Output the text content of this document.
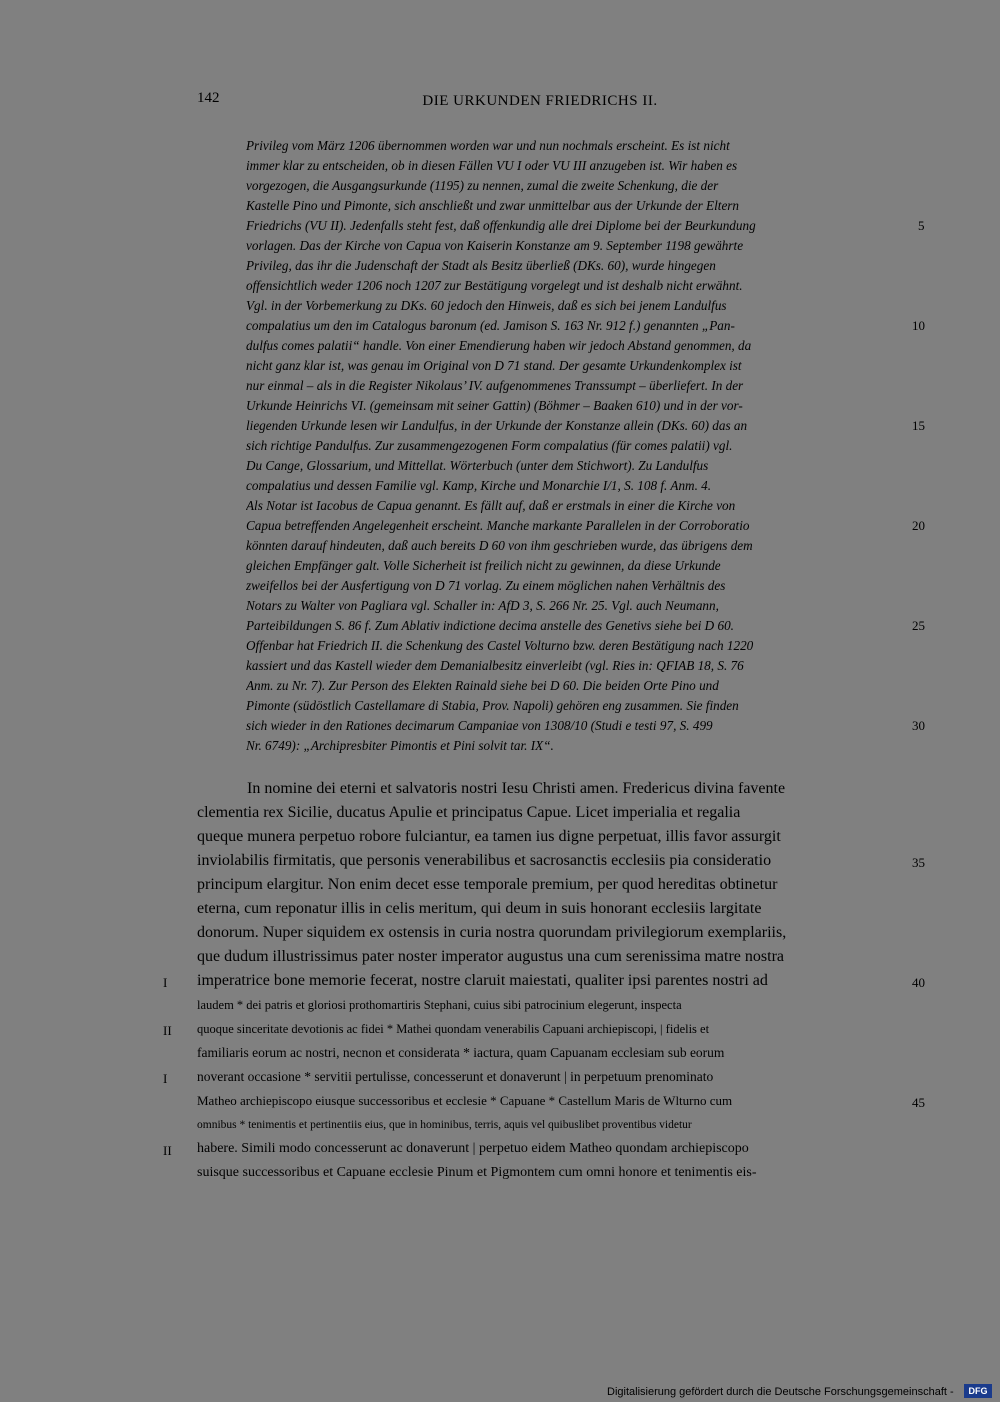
142	DIE URKUNDEN FRIEDRICHS II.
Privileg vom März 1206 übernommen worden war und nun nochmals erscheint. Es ist nicht
immer klar zu entscheiden, ob in diesen Fällen VU I oder VU III anzugeben ist. Wir haben es
vorgezogen, die Ausgangsurkunde (1195) zu nennen, zumal die zweite Schenkung, die der
Kastelle Pino und Pimonte, sich anschließt und zwar unmittelbar aus der Urkunde der Eltern
Friedrichs (VU II). Jedenfalls steht fest, daß offenkundig alle drei Diplome bei der Beurkundung
vorlagen. Das der Kirche von Capua von Kaiserin Konstanze am 9. September 1198 gewährte
Privileg, das ihr die Judenschaft der Stadt als Besitz überließ (DKs. 60), wurde hingegen
offensichtlich weder 1206 noch 1207 zur Bestätigung vorgelegt und ist deshalb nicht erwähnt.
Vgl. in der Vorbemerkung zu DKs. 60 jedoch den Hinweis, daß es sich bei jenem Landulfus
compalatius um den im Catalogus baronum (ed. Jamison S. 163 Nr. 912 f.) genannten „Pan-
dulfus comes palatii“ handle. Von einer Emendierung haben wir jedoch Abstand genommen, da
nicht ganz klar ist, was genau im Original von D 71 stand. Der gesamte Urkundenkomplex ist
nur einmal – als in die Register Nikolaus’ IV. aufgenommenes Transsumpt – überliefert. In der
Urkunde Heinrichs VI. (gemeinsam mit seiner Gattin) (Böhmer – Baaken 610) und in der vor-
liegenden Urkunde lesen wir Landulfus, in der Urkunde der Konstanze allein (DKs. 60) das an
sich richtige Pandulfus. Zur zusammengezogenen Form compalatius (für comes palatii) vgl.
Du Cange, Glossarium, und Mittellat. Wörterbuch (unter dem Stichwort). Zu Landulfus
compalatius und dessen Familie vgl. Kamp, Kirche und Monarchie I/1, S. 108 f. Anm. 4.
Als Notar ist Iacobus de Capua genannt. Es fällt auf, daß er erstmals in einer die Kirche von
Capua betreffenden Angelegenheit erscheint. Manche markante Parallelen in der Corroboratio
könnten darauf hindeuten, daß auch bereits D 60 von ihm geschrieben wurde, das übrigens dem
gleichen Empfänger galt. Volle Sicherheit ist freilich nicht zu gewinnen, da diese Urkunde
zweifellos bei der Ausfertigung von D 71 vorlag. Zu einem möglichen nahen Verhältnis des
Notars zu Walter von Pagliara vgl. Schaller in: AfD 3, S. 266 Nr. 25. Vgl. auch Neumann,
Parteibildungen S. 86 f. Zum Ablativ indictione decima anstelle des Genetivs siehe bei D 60.
Offenbar hat Friedrich II. die Schenkung des Castel Volturno bzw. deren Bestätigung nach 1220
kassiert und das Kastell wieder dem Demanialbesitz einverleibt (vgl. Ries in: QFIAB 18, S. 76
Anm. zu Nr. 7). Zur Person des Elekten Rainald siehe bei D 60. Die beiden Orte Pino und
Pimonte (südöstlich Castellamare di Stabia, Prov. Napoli) gehören eng zusammen. Sie finden
sich wieder in den Rationes decimarum Campaniae von 1308/10 (Studi e testi 97, S. 499
Nr. 6749): „Archipresbiter Pimontis et Pini solvit tar. IX“.
5
10
15
20
25
30
In nomine dei eterni et salvatoris nostri Iesu Christi amen. Fredericus divina favente
clementia rex Sicilie, ducatus Apulie et principatus Capue. Licet imperialia et regalia
queque munera perpetuo robore fulciantur, ea tamen ius digne perpetuat, illis favor assurgit
inviolabilis firmitatis, que personis venerabilibus et sacrosanctis ecclesiis pia consideratio
principum elargitur. Non enim decet esse temporale premium, per quod hereditas obtinetur
eterna, cum reponatur illis in celis meritum, qui deum in suis honorant ecclesiis largitate
donorum. Nuper siquidem ex ostensis in curia nostra quorundam privilegiorum exemplariis,
que dudum illustrissimus pater noster imperator augustus una cum serenissima matre nostra
imperatrice bone memorie fecerat, nostre claruit maiestati, qualiter ipsi parentes nostri ad
laudem * dei patris et gloriosi prothomartiris Stephani, cuius sibi patrocinium elegerunt, inspecta
quoque sinceritate devotionis ac fidei * Mathei quondam venerabilis Capuani archiepiscopi, | fidelis et
familiaris eorum ac nostri, necnon et considerata * iactura, quam Capuanam ecclesiam sub eorum
noverant occasione * servitii pertulisse, concesserunt et donaverunt | in perpetuum prenominato
Matheo archiepiscopo eiusque successoribus et ecclesie * Capuane * Castellum Maris de Wlturno cum
omnibus * tenimentis et pertinentiis eius, que in hominibus, terris, aquis vel quibuslibet proventibus videtur
habere. Simili modo concesserunt ac donaverunt | perpetuo eidem Matheo quondam archiepiscopo
suisque successoribus et Capuane ecclesie Pinum et Pigmontem cum omni honore et tenimentis eis-
35
40
45
I
II
I
II
Digitalisierung gefördert durch die Deutsche Forschungsgemeinschaft -	DFG
